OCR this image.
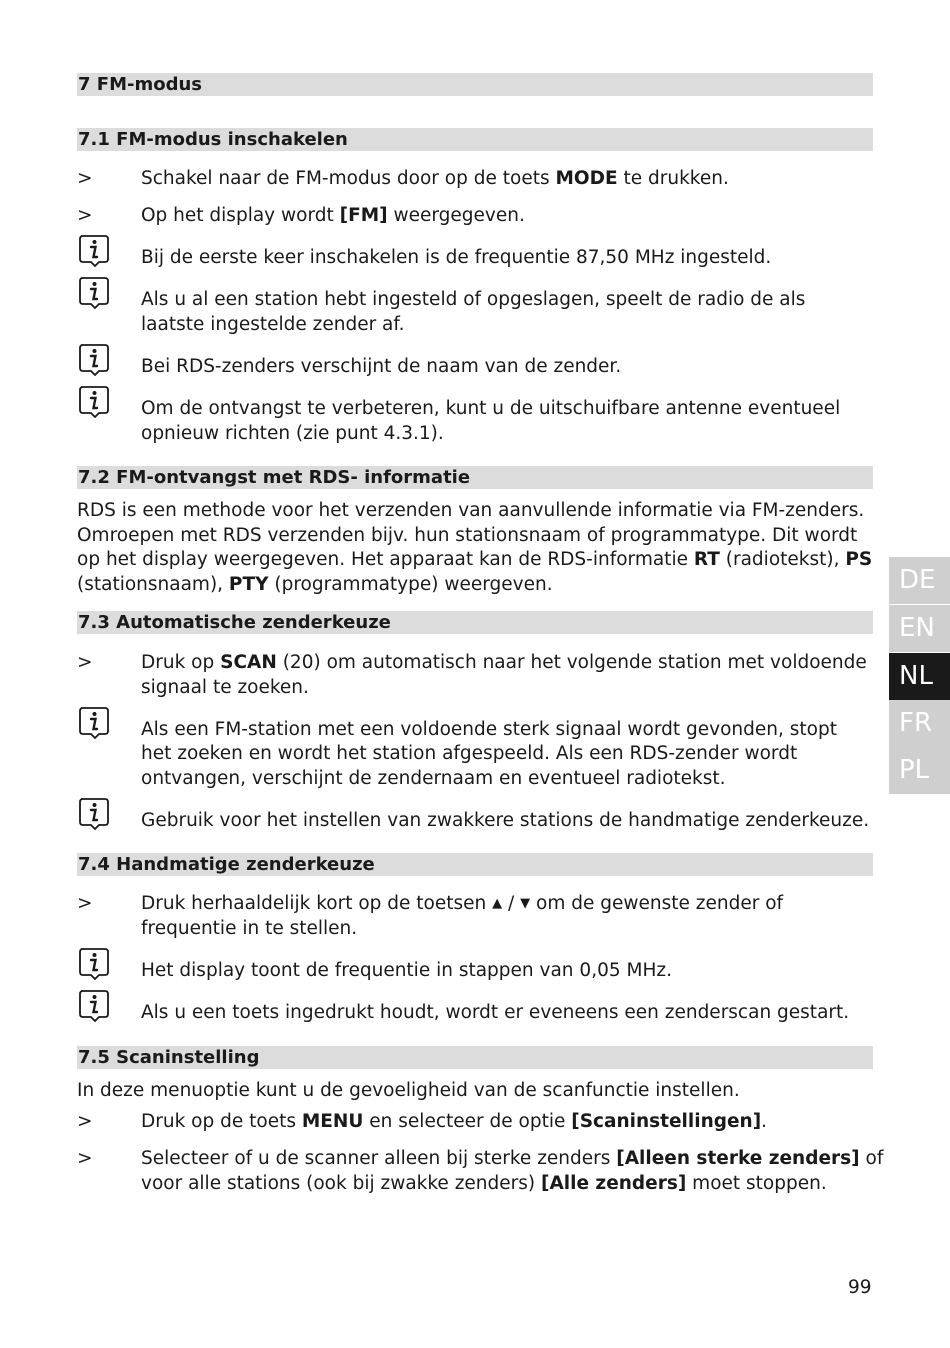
7 FM-modus
7.1 FM-modus inschakelen
>	Schakel naar de FM-modus door op de toets MODE te drukken.
>	Op het display wordt [FM] weergegeven.
Bij de eerste keer inschakelen is de frequentie 87,50 MHz ingesteld.
Als u al een station hebt ingesteld of opgeslagen, speelt de radio de als
laatste ingestelde zender af.
Bei RDS-zenders verschijnt de naam van de zender.
Om de ontvangst te verbeteren, kunt u de uitschuifbare antenne eventueel
opnieuw richten (zie punt 4.3.1).
7.2 FM-ontvangst met RDS- informatie
RDS is een methode voor het verzenden van aanvullende informatie via FM-zenders.
Omroepen met RDS verzenden bijv. hun stationsnaam of programmatype. Dit wordt
op het display weergegeven. Het apparaat kan de RDS-informatie RT (radiotekst), PS
(stationsnaam), PTY (programmatype) weergeven.
7.3 Automatische zenderkeuze
>	Druk op SCAN (20) om automatisch naar het volgende station met voldoende
signaal te zoeken.
Als een FM-station met een voldoende sterk signaal wordt gevonden, stopt
het zoeken en wordt het station afgespeeld. Als een RDS-zender wordt
ontvangen, verschijnt de zendernaam en eventueel radiotekst.
Gebruik voor het instellen van zwakkere stations de handmatige zenderkeuze.
7.4 Handmatige zenderkeuze
>	Druk herhaaldelijk kort op de toetsen ▲ / ▼ om de gewenste zender of
frequentie in te stellen.
Het display toont de frequentie in stappen van 0,05 MHz.
Als u een toets ingedrukt houdt, wordt er eveneens een zenderscan gestart.
7.5 Scaninstelling
In deze menuoptie kunt u de gevoeligheid van de scanfunctie instellen.
>	Druk op de toets MENU en selecteer de optie [Scaninstellingen].
>	Selecteer of u de scanner alleen bij sterke zenders [Alleen sterke zenders] of
voor alle stations (ook bij zwakke zenders) [Alle zenders] moet stoppen.
DE
EN
NL
FR
PL
99
